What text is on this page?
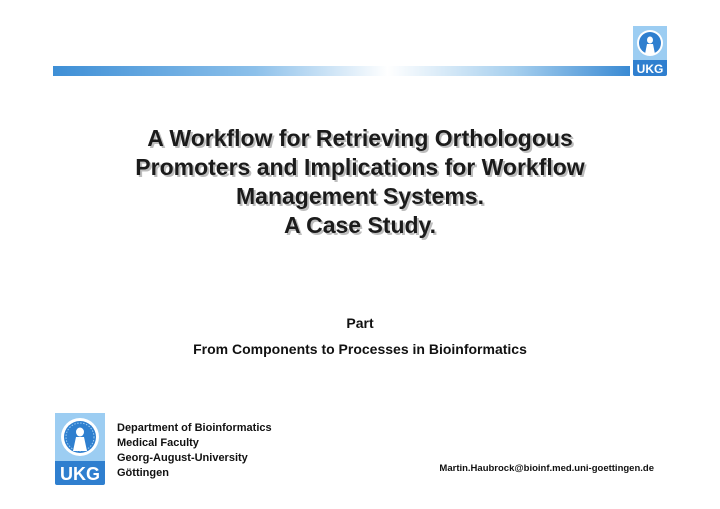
UKG
A Workflow for Retrieving Orthologous
Promoters and Implications for Workflow
Management Systems.
A Case Study.
Part
From Components to Processes in Bioinformatics
UKG
Department of Bioinformatics
Medical Faculty
Georg-August-University
Göttingen	Martin.Haubrock@bioinf.med.uni-goettingen.de
